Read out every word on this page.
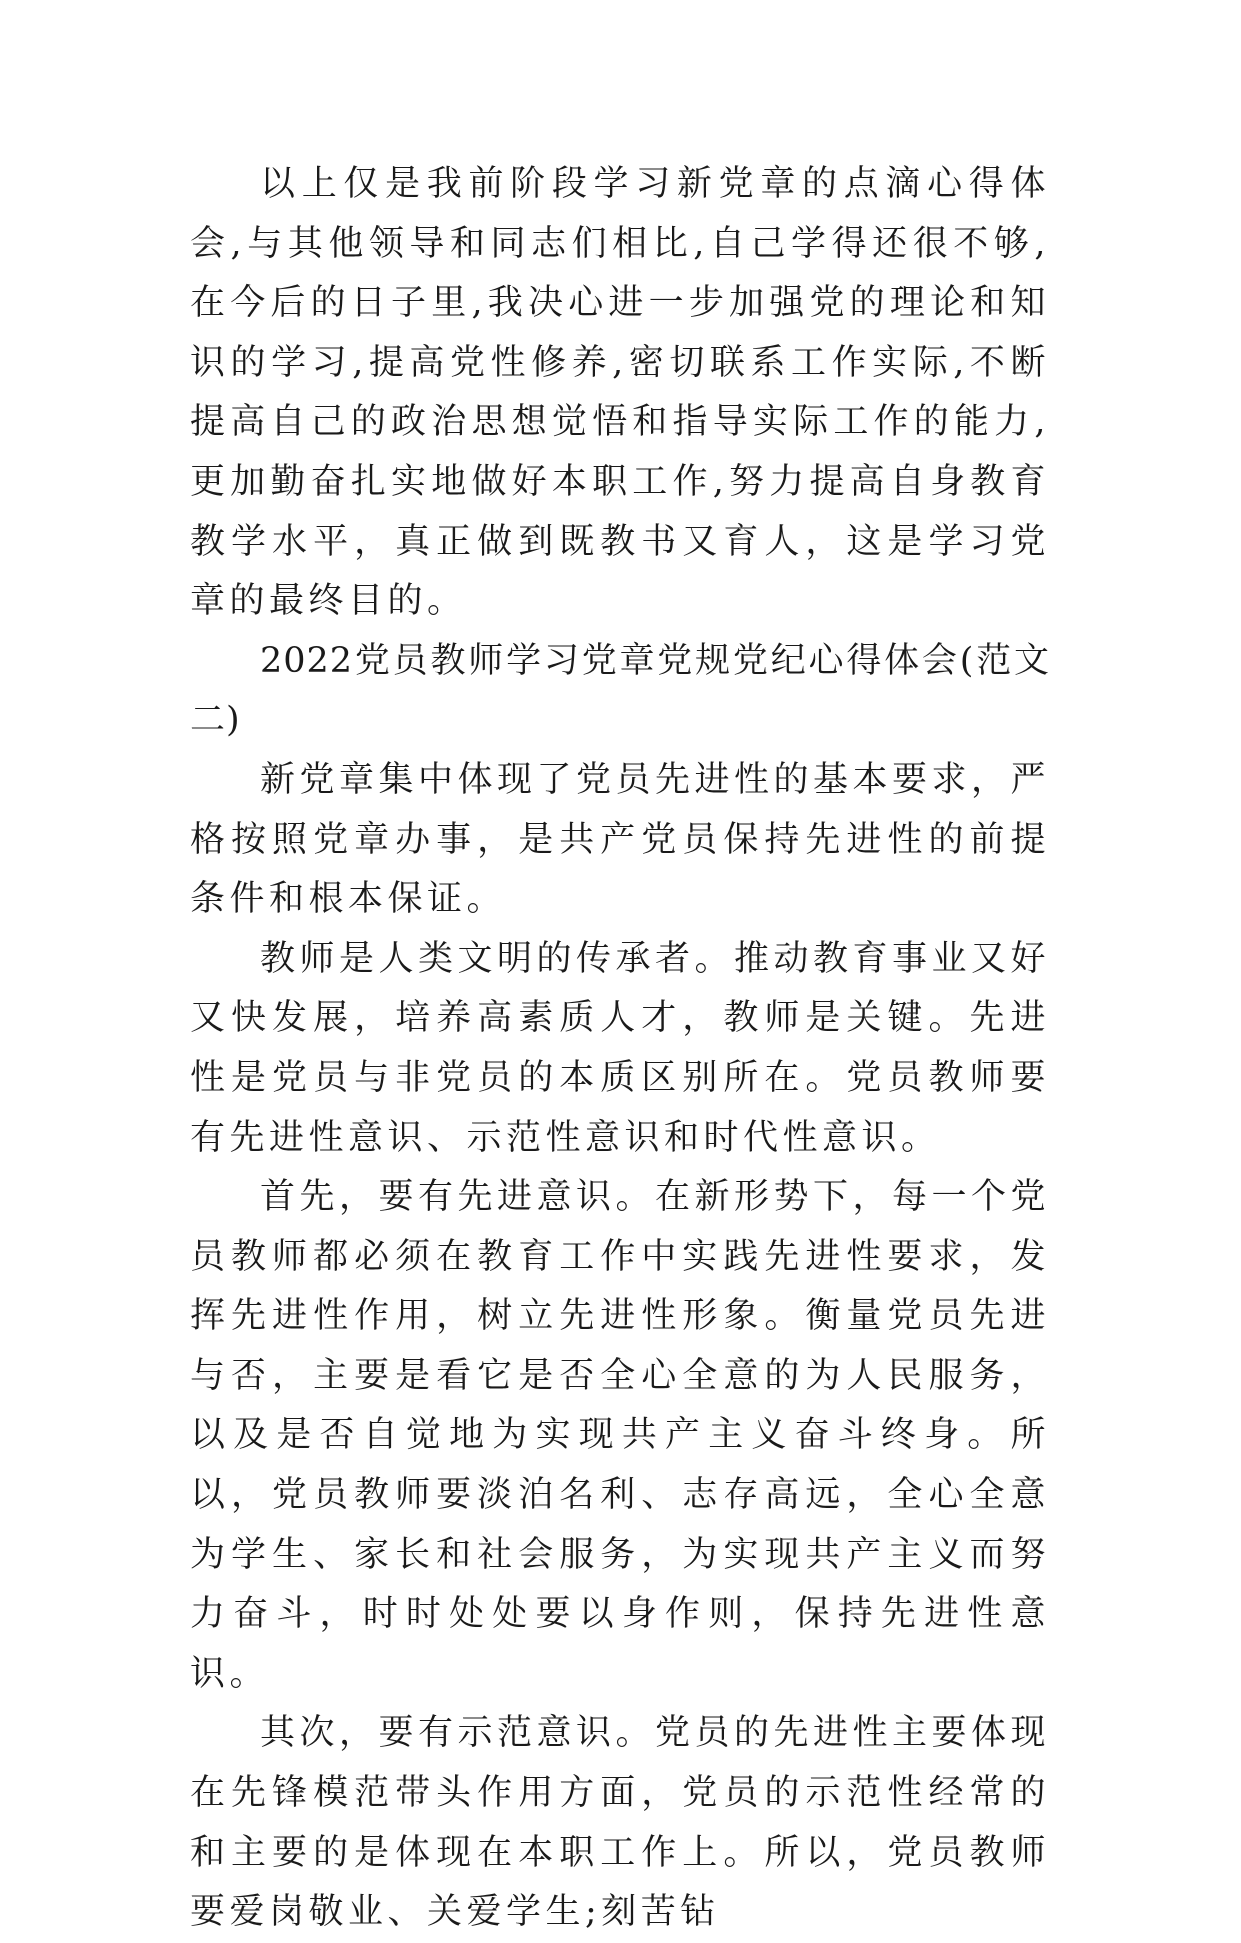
以上仅是我前阶段学习新党章的点滴心得体会,与其他领导和同志们相比,自己学得还很不够,在今后的日子里,我决心进一步加强党的理论和知识的学习,提高党性修养,密切联系工作实际,不断提高自己的政治思想觉悟和指导实际工作的能力,更加勤奋扎实地做好本职工作,努力提高自身教育教学水平，真正做到既教书又育人，这是学习党章的最终目的。

2022党员教师学习党章党规党纪心得体会(范文二)

新党章集中体现了党员先进性的基本要求，严格按照党章办事，是共产党员保持先进性的前提条件和根本保证。

教师是人类文明的传承者。推动教育事业又好又快发展，培养高素质人才，教师是关键。先进性是党员与非党员的本质区别所在。党员教师要有先进性意识、示范性意识和时代性意识。

首先，要有先进意识。在新形势下，每一个党员教师都必须在教育工作中实践先进性要求，发挥先进性作用，树立先进性形象。衡量党员先进与否，主要是看它是否全心全意的为人民服务，以及是否自觉地为实现共产主义奋斗终身。所以，党员教师要淡泊名利、志存高远，全心全意为学生、家长和社会服务，为实现共产主义而努力奋斗，时时处处要以身作则，保持先进性意识。

其次，要有示范意识。党员的先进性主要体现在先锋模范带头作用方面，党员的示范性经常的和主要的是体现在本职工作上。所以，党员教师要爱岗敬业、关爱学生;刻苦钻
